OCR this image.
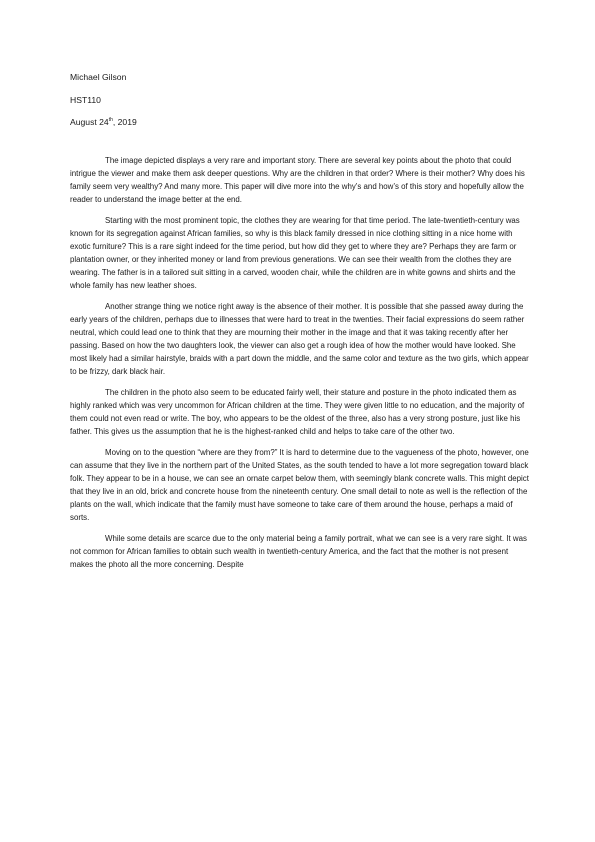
Michael Gilson

HST110

August 24th, 2019

The image depicted displays a very rare and important story. There are several key points about the photo that could intrigue the viewer and make them ask deeper questions. Why are the children in that order? Where is their mother? Why does his family seem very wealthy? And many more. This paper will dive more into the why’s and how’s of this story and hopefully allow the reader to understand the image better at the end.

Starting with the most prominent topic, the clothes they are wearing for that time period. The late-twentieth-century was known for its segregation against African families, so why is this black family dressed in nice clothing sitting in a nice home with exotic furniture? This is a rare sight indeed for the time period, but how did they get to where they are? Perhaps they are farm or plantation owner, or they inherited money or land from previous generations. We can see their wealth from the clothes they are wearing. The father is in a tailored suit sitting in a carved, wooden chair, while the children are in white gowns and shirts and the whole family has new leather shoes.

Another strange thing we notice right away is the absence of their mother. It is possible that she passed away during the early years of the children, perhaps due to illnesses that were hard to treat in the twenties. Their facial expressions do seem rather neutral, which could lead one to think that they are mourning their mother in the image and that it was taking recently after her passing. Based on how the two daughters look, the viewer can also get a rough idea of how the mother would have looked. She most likely had a similar hairstyle, braids with a part down the middle, and the same color and texture as the two girls, which appear to be frizzy, dark black hair.

The children in the photo also seem to be educated fairly well, their stature and posture in the photo indicated them as highly ranked which was very uncommon for African children at the time. They were given little to no education, and the majority of them could not even read or write. The boy, who appears to be the oldest of the three, also has a very strong posture, just like his father. This gives us the assumption that he is the highest-ranked child and helps to take care of the other two.

Moving on to the question “where are they from?” It is hard to determine due to the vagueness of the photo, however, one can assume that they live in the northern part of the United States, as the south tended to have a lot more segregation toward black folk. They appear to be in a house, we can see an ornate carpet below them, with seemingly blank concrete walls. This might depict that they live in an old, brick and concrete house from the nineteenth century. One small detail to note as well is the reflection of the plants on the wall, which indicate that the family must have someone to take care of them around the house, perhaps a maid of sorts.

While some details are scarce due to the only material being a family portrait, what we can see is a very rare sight. It was not common for African families to obtain such wealth in twentieth-century America, and the fact that the mother is not present makes the photo all the more concerning. Despite
